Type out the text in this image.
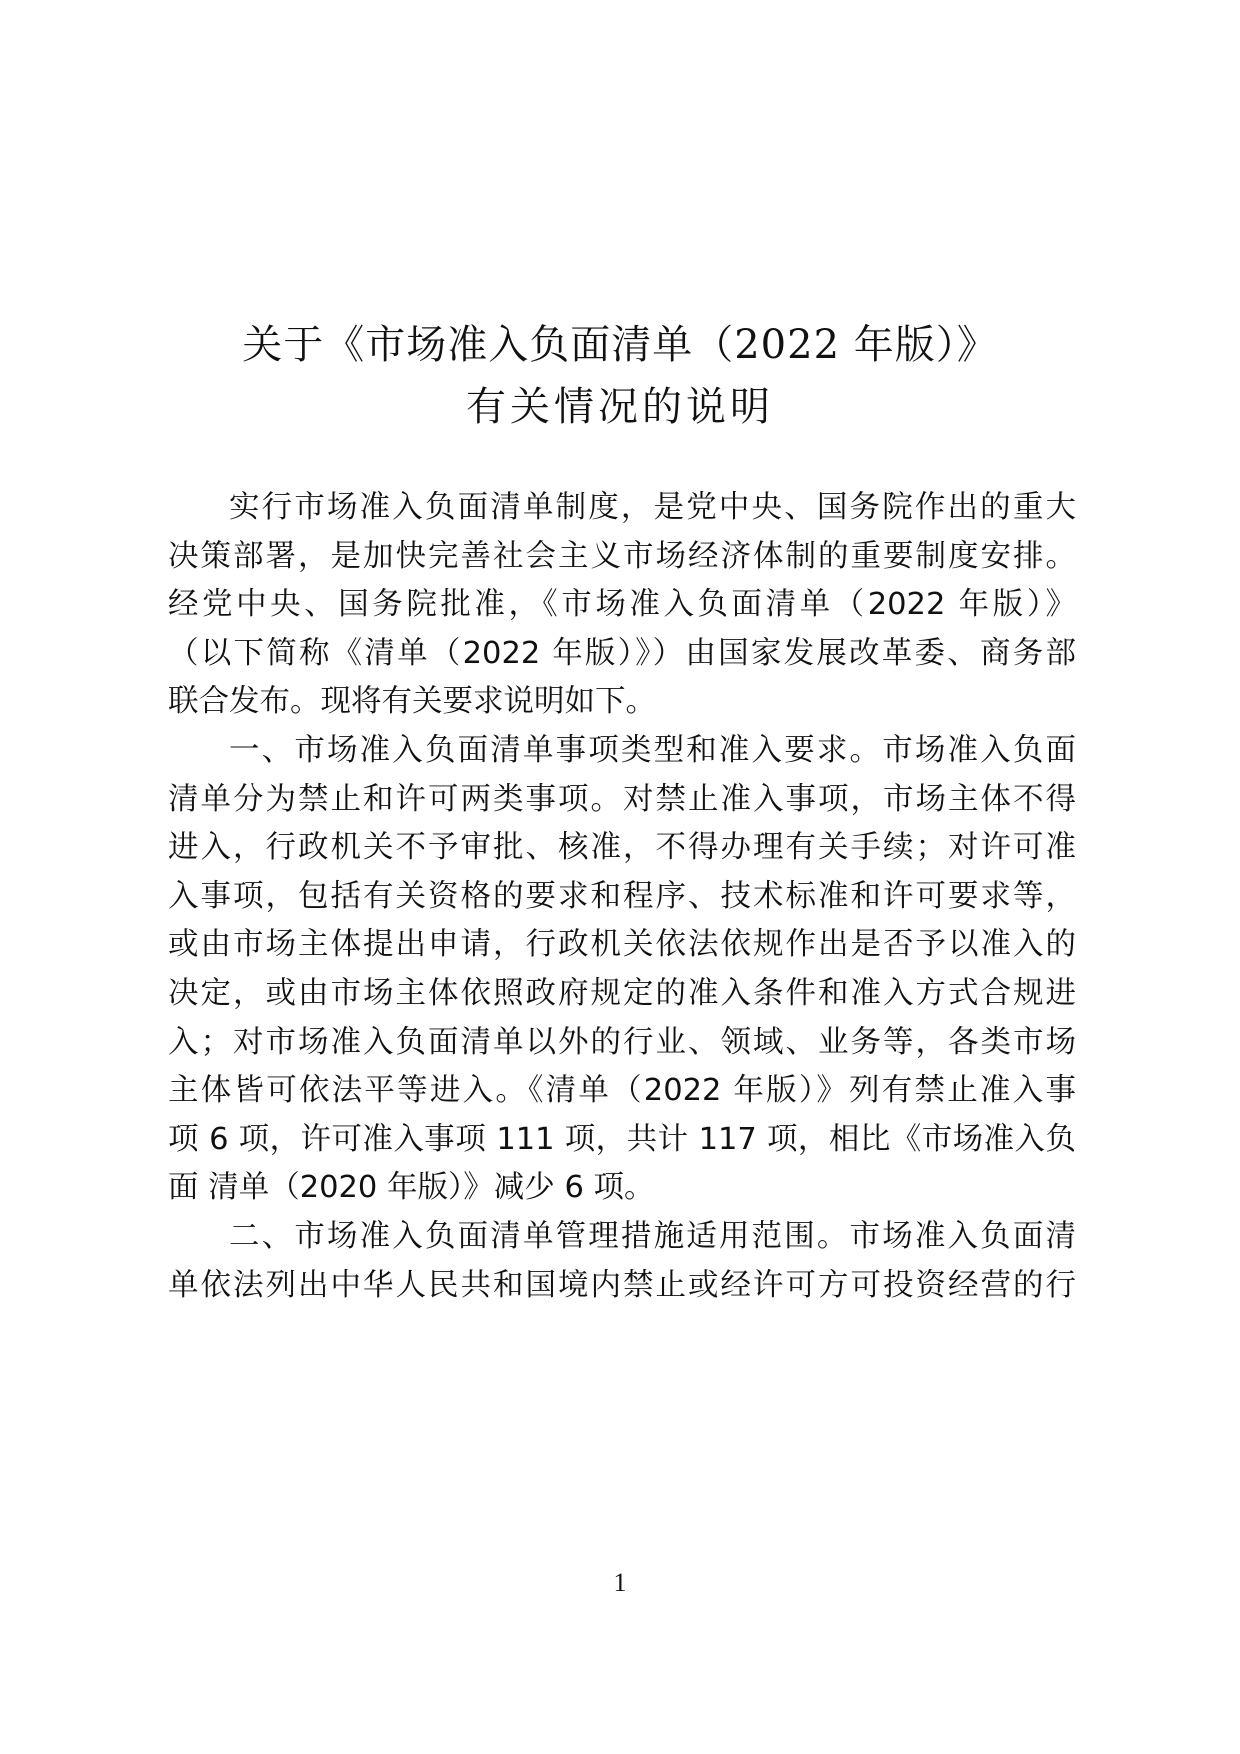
关于《市场准入负面清单（2022 年版）》
有关情况的说明
实行市场准入负面清单制度，是党中央、国务院作出的重大
决策部署，是加快完善社会主义市场经济体制的重要制度安排。
经党中央、国务院批准，《市场准入负面清单（2022 年版）》
（以下简称《清单（2022 年版）》）由国家发展改革委、商务部
联合发布。现将有关要求说明如下。
一、市场准入负面清单事项类型和准入要求。市场准入负面
清单分为禁止和许可两类事项。对禁止准入事项，市场主体不得
进入，行政机关不予审批、核准，不得办理有关手续；对许可准
入事项，包括有关资格的要求和程序、技术标准和许可要求等，
或由市场主体提出申请，行政机关依法依规作出是否予以准入的
决定，或由市场主体依照政府规定的准入条件和准入方式合规进
入；对市场准入负面清单以外的行业、领域、业务等，各类市场
主体皆可依法平等进入。《清单（2022 年版）》列有禁止准入事
项 6 项，许可准入事项 111 项，共计 117 项，相比《市场准入负
面 清单（2020 年版）》减少 6 项。
二、市场准入负面清单管理措施适用范围。市场准入负面清
单依法列出中华人民共和国境内禁止或经许可方可投资经营的行
1
